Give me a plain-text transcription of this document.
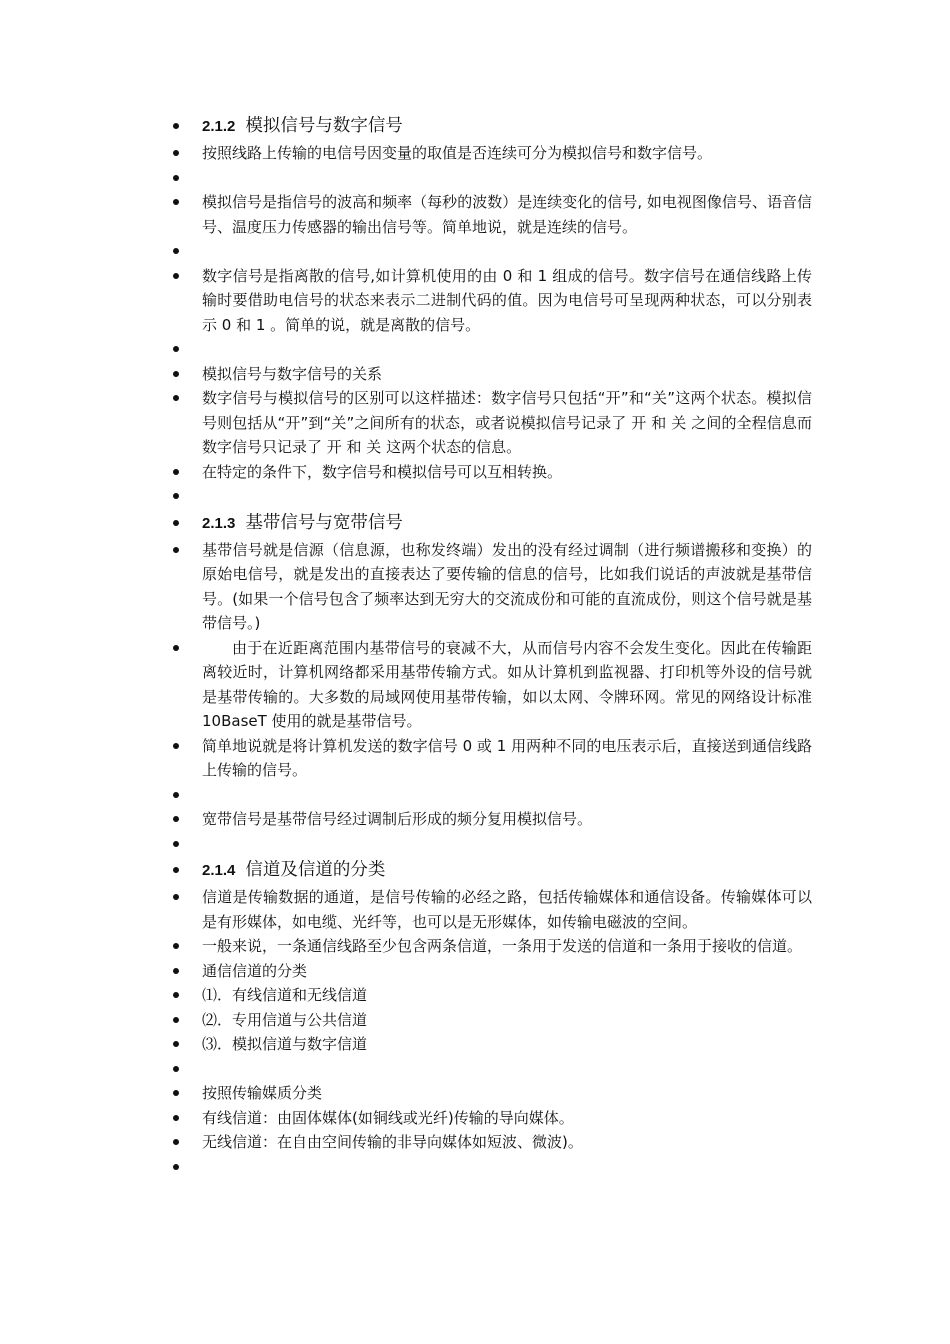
2.1.2 模拟信号与数字信号
按照线路上传输的电信号因变量的取值是否连续可分为模拟信号和数字信号。
模拟信号是指信号的波高和频率（每秒的波数）是连续变化的信号, 如电视图像信号、语音信号、温度压力传感器的输出信号等。简单地说，就是连续的信号。
数字信号是指离散的信号,如计算机使用的由 0 和 1 组成的信号。数字信号在通信线路上传输时要借助电信号的状态来表示二进制代码的值。因为电信号可呈现两种状态，可以分别表示 0 和 1 。简单的说，就是离散的信号。
模拟信号与数字信号的关系
数字信号与模拟信号的区别可以这样描述：数字信号只包括“开”和“关”这两个状态。模拟信号则包括从“开”到“关”之间所有的状态，或者说模拟信号记录了 开 和 关 之间的全程信息而数字信号只记录了 开 和 关 这两个状态的信息。
在特定的条件下，数字信号和模拟信号可以互相转换。
2.1.3 基带信号与宽带信号
基带信号就是信源（信息源，也称发终端）发出的没有经过调制（进行频谱搬移和变换）的原始电信号，就是发出的直接表达了要传输的信息的信号，比如我们说话的声波就是基带信号。(如果一个信号包含了频率达到无穷大的交流成份和可能的直流成份，则这个信号就是基带信号。)
由于在近距离范围内基带信号的衰减不大，从而信号内容不会发生变化。因此在传输距离较近时，计算机网络都采用基带传输方式。如从计算机到监视器、打印机等外设的信号就是基带传输的。大多数的局域网使用基带传输，如以太网、令牌环网。常见的网络设计标准 10BaseT 使用的就是基带信号。
简单地说就是将计算机发送的数字信号 0 或 1 用两种不同的电压表示后，直接送到通信线路上传输的信号。
宽带信号是基带信号经过调制后形成的频分复用模拟信号。
2.1.4 信道及信道的分类
信道是传输数据的通道，是信号传输的必经之路，包括传输媒体和通信设备。传输媒体可以是有形媒体，如电缆、光纤等，也可以是无形媒体，如传输电磁波的空间。
一般来说，一条通信线路至少包含两条信道，一条用于发送的信道和一条用于接收的信道。
通信信道的分类
⑴．有线信道和无线信道
⑵．专用信道与公共信道
⑶．模拟信道与数字信道
按照传输媒质分类
有线信道：由固体媒体(如铜线或光纤)传输的导向媒体。
无线信道：在自由空间传输的非导向媒体如短波、微波)。
